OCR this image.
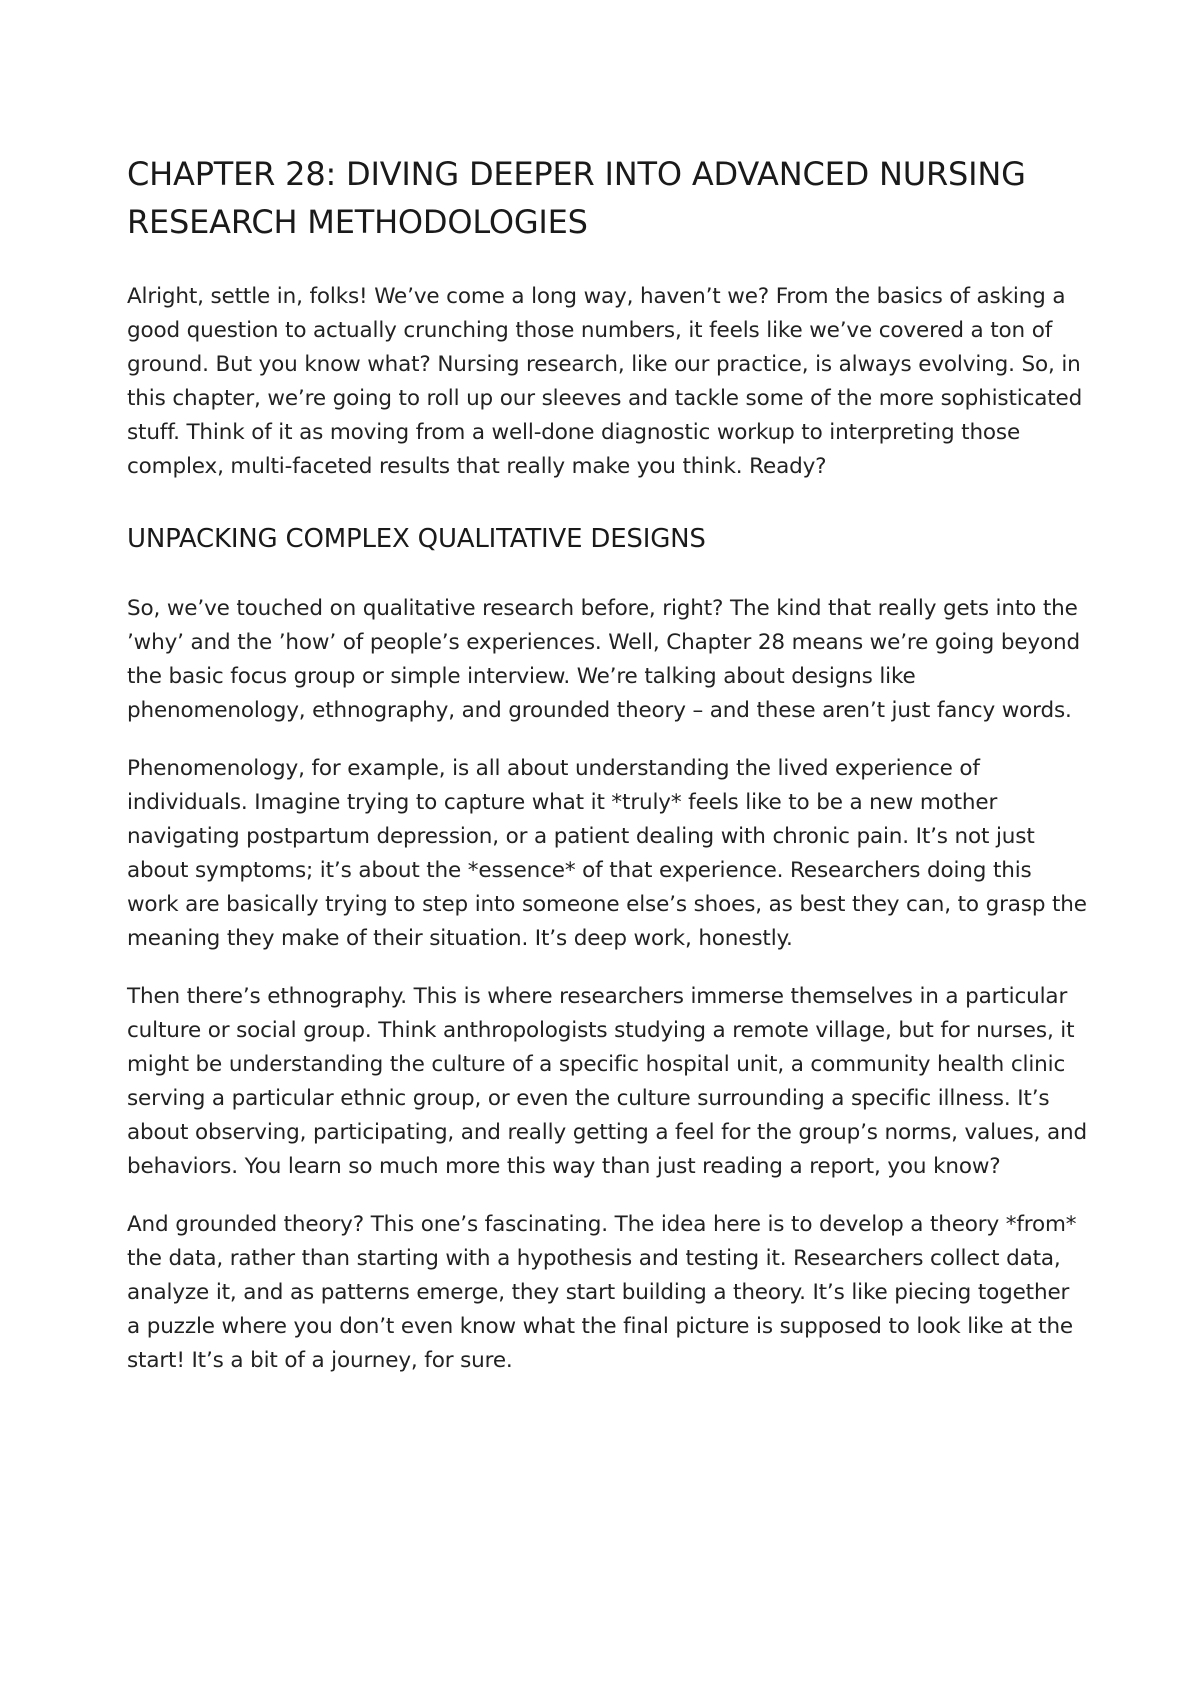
CHAPTER 28: DIVING DEEPER INTO ADVANCED NURSING RESEARCH METHODOLOGIES

Alright, settle in, folks! We’ve come a long way, haven’t we? From the basics of asking a good question to actually crunching those numbers, it feels like we’ve covered a ton of ground. But you know what? Nursing research, like our practice, is always evolving. So, in this chapter, we’re going to roll up our sleeves and tackle some of the more sophisticated stuff. Think of it as moving from a well-done diagnostic workup to interpreting those complex, multi-faceted results that really make you think. Ready?

UNPACKING COMPLEX QUALITATIVE DESIGNS

So, we’ve touched on qualitative research before, right? The kind that really gets into the ’why’ and the ’how’ of people’s experiences. Well, Chapter 28 means we’re going beyond the basic focus group or simple interview. We’re talking about designs like phenomenology, ethnography, and grounded theory – and these aren’t just fancy words.

Phenomenology, for example, is all about understanding the lived experience of individuals. Imagine trying to capture what it *truly* feels like to be a new mother navigating postpartum depression, or a patient dealing with chronic pain. It’s not just about symptoms; it’s about the *essence* of that experience. Researchers doing this work are basically trying to step into someone else’s shoes, as best they can, to grasp the meaning they make of their situation. It’s deep work, honestly.

Then there’s ethnography. This is where researchers immerse themselves in a particular culture or social group. Think anthropologists studying a remote village, but for nurses, it might be understanding the culture of a specific hospital unit, a community health clinic serving a particular ethnic group, or even the culture surrounding a specific illness. It’s about observing, participating, and really getting a feel for the group’s norms, values, and behaviors. You learn so much more this way than just reading a report, you know?

And grounded theory? This one’s fascinating. The idea here is to develop a theory *from* the data, rather than starting with a hypothesis and testing it. Researchers collect data, analyze it, and as patterns emerge, they start building a theory. It’s like piecing together a puzzle where you don’t even know what the final picture is supposed to look like at the start! It’s a bit of a journey, for sure.
